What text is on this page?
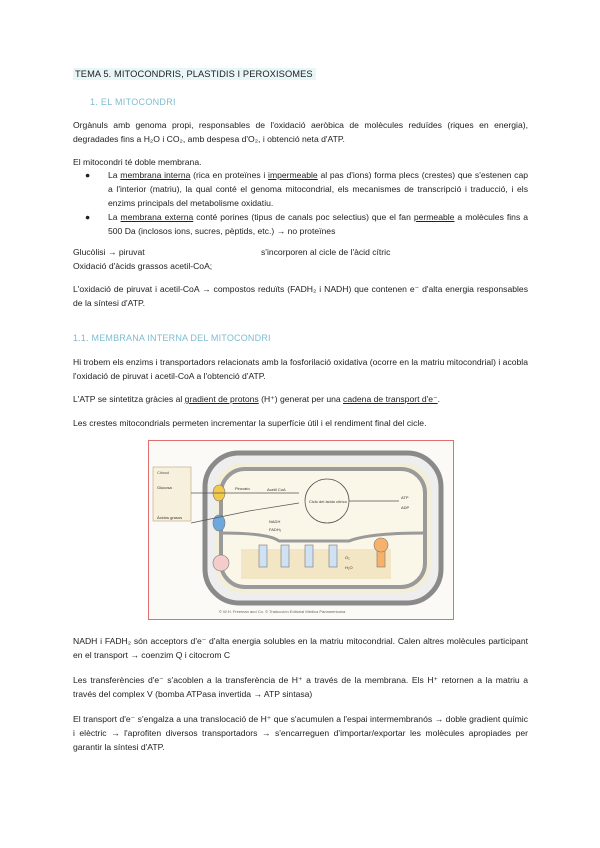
TEMA 5. MITOCONDRIS, PLASTIDIS I PEROXISOMES
1. EL MITOCONDRI

Orgànuls amb genoma propi, responsables de l'oxidació aeròbica de molècules reduïdes (riques en energia), degradades fins a H₂O i CO₂, amb despesa d'O₂, i obtenció neta d'ATP.

El mitocondri té doble membrana.

● La membrana interna (rica en proteïnes i impermeable al pas d'ions) forma plecs (crestes) que s'estenen cap a l'interior (matriu), la qual conté el genoma mitocondrial, els mecanismes de transcripció i traducció, i els enzims principals del metabolisme oxidatiu.
● La membrana externa conté porines (tipus de canals poc selectius) que el fan permeable a molècules fins a 500 Da (inclosos ions, sucres, pèptids, etc.) → no proteïnes
Glucòlisi → piruvat	s'incorporen al cicle de l'àcid cítric
Oxidació d'àcids grassos acetil-CoA;

L'oxidació de piruvat i acetil-CoA → compostos reduïts (FADH₂ i NADH) que contenen e⁻ d'alta energia responsables de la síntesi d'ATP.

1.1. MEMBRANA INTERNA DEL MITOCONDRI

Hi trobem els enzims i transportadors relacionats amb la fosforilació oxidativa (ocorre en la matriu mitocondrial) i acobla l'oxidació de piruvat i acetil-CoA a l'obtenció d'ATP.

L'ATP se sintetitza gràcies al gradient de protons (H⁺) generat per una cadena de transport d'e⁻.

Les crestes mitocondrials permeten incrementar la superfície útil i el rendiment final del cicle.

Citosol
Ciclo del ácido cítrico
Glucosa	Piruvato
Ácidos grasos
Acetil CoA
ATP
ADP
NADH
FADH₂
O₂
H₂O
© W.H. Freeman and Co. © Traducción Editorial Médica Panamericana

NADH i FADH₂ són acceptors d'e⁻ d'alta energia solubles en la matriu mitocondrial. Calen altres molècules participant en el transport → coenzim Q i citocrom C

Les transferències d'e⁻ s'acoblen a la transferència de H⁺ a través de la membrana. Els H⁺ retornen a la matriu a través del complex V (bomba ATPasa invertida → ATP sintasa)

El transport d'e⁻ s'engalza a una translocació de H⁺ que s'acumulen a l'espai intermembranós → doble gradient químic i elèctric → l'aprofiten diversos transportadors → s'encarreguen d'importar/exportar les molècules apropiades per garantir la síntesi d'ATP.
